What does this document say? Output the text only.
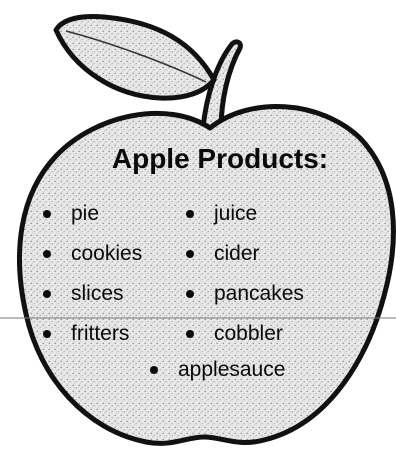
Apple Products:
pie
cookies
slices
fritters
juice
cider
pancakes
cobbler
applesauce
